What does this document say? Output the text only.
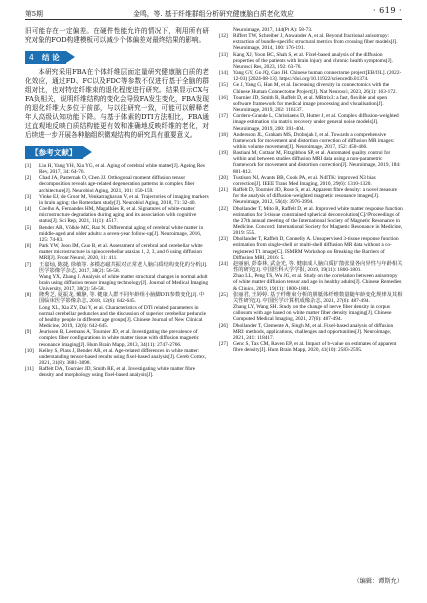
第5期	金鸣，等. 基于纤维群组分析研究健康脑白质老化效应	· 619 ·

旧可能存在一定偏差。在硬件性能允许的情况下，利用所有研究对象的FOD构建模板可以减少个体偏差对最终结果的影响。

4 结 论

本研究采用FBA在个体纤维层面定量研究健康脑白质的老化效应，通过FD、FC以及FDC等参数不仅进行基于全脑的群组对比，也对特定纤维束的退化程度进行研究。结果显示CX与FA负相关，说明纤维结构的变化会导致FA发生变化，FBA发现的退化纤维大多位于前部，与以往研究一致，可能可以解释老年人高级认知功能下降。与基于体素的DTI方法相比，FBA通过直观地反映白质结构能更有效和准确地反映纤维的老化，对后续进一步开展各种脑组织微观结构的研究具有重要意义。

【参考文献】
[1]	Liu H, Yang YH, Xia YG, et al. Aging of cerebral white matter[J]. Ageing Res Rev, 2017, 34: 64-76.
[2]	Chad JA, Pasternak O, Chen JJ. Orthogonal moment diffusion tensor decomposition reveals age-related degeneration patterns in complex fiber architecture[J]. Neurobiol Aging, 2021, 101: 150-159.
[3]	Vinke EJ, de Groot M, Venkatraghavan V, et al. Trajectories of imaging markers in brain aging: the Rotterdam study[J]. Neurobiol Aging, 2018, 71: 32-40.
[4]	Coelho A, Fernandes HM, Magalhães R, et al. Signatures of white-matter microstructure degradation during aging and its association with cognitive status[J]. Sci Rep, 2021, 11(1): 4517.
[5]	Bender AR, Völkle MC, Raz N. Differential aging of cerebral white matter in middle-aged and older adults: a seven-year follow-up[J]. Neuroimage, 2016, 125: 74-83.
[6]	Park YW, Joon IM, Guo B, et al. Assessment of cerebral and cerebellar white matter microstructure in spinocerebellar ataxias 1, 2, 3, and 6 using diffusion MRI[J]. Front Neurol, 2020, 11: 411.
[7]	王嘉灿, 陈捷, 徐敏等. 多模态磁共振对正常老人脑白质结构变化的分析[J]. 医学影像学杂志, 2017, 38(2): 56-58.
Wang YX, Zhang J. Analysis of white matter structural changes in normal adult brain using diffusion tensor imaging technology[J]. Journal of Medical Imaging University, 2017, 38(2): 56-58.
[8]	隆秀芝, 夏振龙, 戴静, 等. 健康人群不同年龄组小脑脚DTI参数变化[J]. 中国临床医学影像杂志, 2018, 12(6): 642-645.
Long XL, Xia ZY, Dai Y, et al. Characteristics of DTI related parameters in normal cerebellar peduncles and the discussion of superior cerebellar peduncle of healthy people in different age groups[J]. Chinese Journal of New Clinical Medicine, 2019, 12(6): 642-645.
[9]	Jeurissen B, Leemans A, Tournier JD, et al. Investigating the prevalence of complex fiber configurations in white matter tissue with diffusion magnetic resonance imaging[J]. Hum Brain Mapp, 2013, 34(11): 2747-2766.
[10] Kelley S, Plass J, Bender AR, et al. Age-related differences in white matter: understanding tensor-based results using fixel-based analysis[J]. Cereb Cortex, 2021, 31(8): 3881-3898.
[11]	Raffelt DA, Tournier JD, Smith RE, et al. Investigating white matter fibre density and morphology using fixel-based analysis[J].
Neuroimage, 2017, 144(Pt A): 58-73.
[12] Riffert TW, Schreiber J, Anwander A, et al. Beyond fractional anisotropy: extraction of bundle-specific structural metrics from crossing fiber models[J]. Neuroimage, 2014, 100: 176-191.
[13] Kang XJ, Yoon BC, Shah S, et al. Fixel-based analysis of the diffusion properties of the patients with brain injury and chronic health symptoms[J]. Neurosci Res, 2023, 192: 63-76.
[14] Yang GY, Go JQ, Gao JH. Chinese human connectome project[EB/OL]. (2022-12-03) [2024-08-13]. https://doi.org/10.11922/sciencedb.01374.
[15] Ge J, Yang G, Han M, et al. Increasing diversity in connectomics with the Chinese Human Connectome Project[J]. Nat Neurosci, 2023, 26(1): 163-172.
[16] Tournier JD, Smith R, Raffelt D, et al. MRtrix3: a fast, flexible and open software framework for medical image processing and visualisation[J]. Neuroimage, 2019, 202: 116137.
[17] Cordero-Grande L, Christiaens D, Hutter J, et al. Complex diffusion-weighted image estimation via matrix recovery under general noise models[J]. Neuroimage, 2019, 200: 391-404.
[18] Andersson JL, Graham MS, Drobnjak I, et al. Towards a comprehensive framework for movement and distortion correction of diffusion MR images: within volume movement[J]. Neuroimage, 2017, 152: 450-466.
[19] Bastiani M, Cottaar M, Fitzgibbon SP, et al. Automated quality control for within and between studies diffusion MRI data using a non-parametric framework for movement and distortion correction[J]. Neuroimage, 2019, 184: 801-812.
[20] Tustison NJ, Avants BB, Cook PA, et al. N4ITK: improved N3 bias correction[J]. IEEE Trans Med Imaging, 2010, 29(6): 1310-1320.
[21] Raffelt D, Tournier JD, Rose S, et al. Apparent fibre density: a novel measure for the analysis of diffusion-weighted magnetic resonance images[J]. Neuroimage, 2012, 59(4): 3976-3994.
[22] Dhollander T, Mito R, Raffelt D, et al. Improved white matter response function estimation for 3-tissue constrained spherical deconvolution[C]//Proceedings of the 27th annual meeting of the International Society of Magnetic Resonance in Medicine. Concord: International Society for Magnetic Resonance in Medicine, 2019: 555.
[23] Dhollander T, Raffelt D, Connelly A. Unsupervised 3-tissue response function estimation from single-shell or multi-shell diffusion MR data without a co-registered T1 image[C]. ISMRM Workshop on Breaking the Barriers of Diffusion MRI, 2016: 5.
[24] 赵丽丽, 彭泰林, 武金光, 等. 健康成人脑白质扩散张量各向异性与年龄相关性的研究[J]. 中国医科大学学报, 2019, 19(11): 1800-1801.
Zhao LL, Peng TS, Wu JG, et al. Study on the correlation between anisotropy of white matter diffusion tensor and age in healthy adults[J]. Chinese Remedies & Clinics, 2019, 19(11): 1800-1801.
[25] 张丽君, 王婷婷. 基于纤维束分析的胼胝体纤维数量随年龄变化规律及其相关性研究[J]. 中国医学计算机成像杂志, 2021, 27(6): 487-494.
Zhang LY, Wang SH. Study on the change of nerve fiber density in corpus callosum with age based on white matter fiber density imaging[J]. Chinese Computed Medical Imaging, 2021, 27(6): 487-494.
[26] Dhollander T, Clemente A, Singh M, et al. Fixel-based analysis of diffusion MRI: methods, applications, challenges and opportunities[J]. Neuroimage, 2021, 241: 118417.
[27] Genc S, Tax CM, Raven EP, et al. Impact of b-value on estimates of apparent fibre density[J]. Hum Brain Mapp, 2020, 41(10): 2583-2595.
（编辑：谭斯允）
